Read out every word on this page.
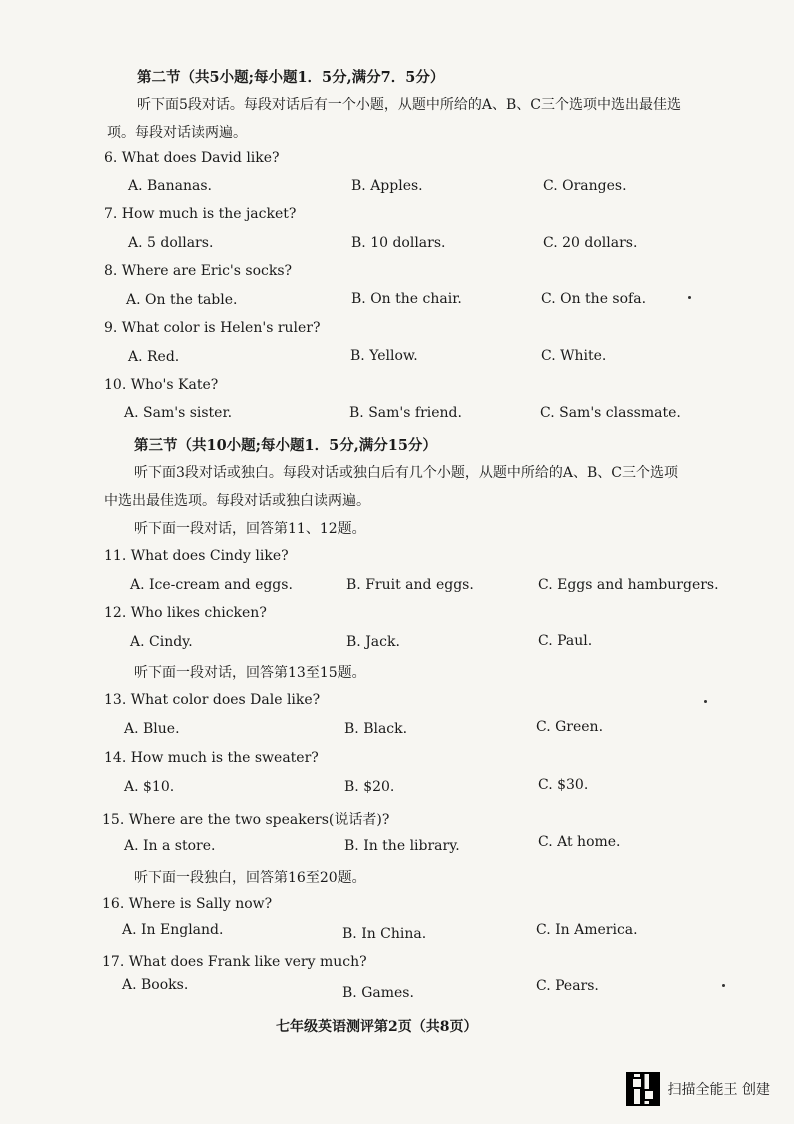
第二节（共5小题;每小题1．5分,满分7．5分）
听下面5段对话。每段对话后有一个小题，从题中所给的A、B、C三个选项中选出最佳选
项。每段对话读两遍。
6. What does David like?
A. Bananas.	B. Apples.	C. Oranges.
7. How much is the jacket?
A. 5 dollars.	B. 10 dollars.	C. 20 dollars.
8. Where are Eric's socks?
A. On the table.	B. On the chair.	C. On the sofa.
9. What color is Helen's ruler?
A. Red.	B. Yellow.	C. White.
10. Who's Kate?
A. Sam's sister.	B. Sam's friend.	C. Sam's classmate.
第三节（共10小题;每小题1．5分,满分15分）
听下面3段对话或独白。每段对话或独白后有几个小题，从题中所给的A、B、C三个选项
中选出最佳选项。每段对话或独白读两遍。
听下面一段对话，回答第11、12题。
11. What does Cindy like?
A. Ice-cream and eggs.	B. Fruit and eggs.	C. Eggs and hamburgers.
12. Who likes chicken?
A. Cindy.	B. Jack.	C. Paul.
听下面一段对话，回答第13至15题。
13. What color does Dale like?
A. Blue.	B. Black.	C. Green.
14. How much is the sweater?
A. $10.	B. $20.	C. $30.
15. Where are the two speakers(说话者)?
A. In a store.	B. In the library.	C. At home.
听下面一段独白，回答第16至20题。
16. Where is Sally now?
A. In England.	B. In China.	C. In America.
17. What does Frank like very much?
A. Books.	B. Games.	C. Pears.
七年级英语测评第2页（共8页）
扫描全能王 创建
